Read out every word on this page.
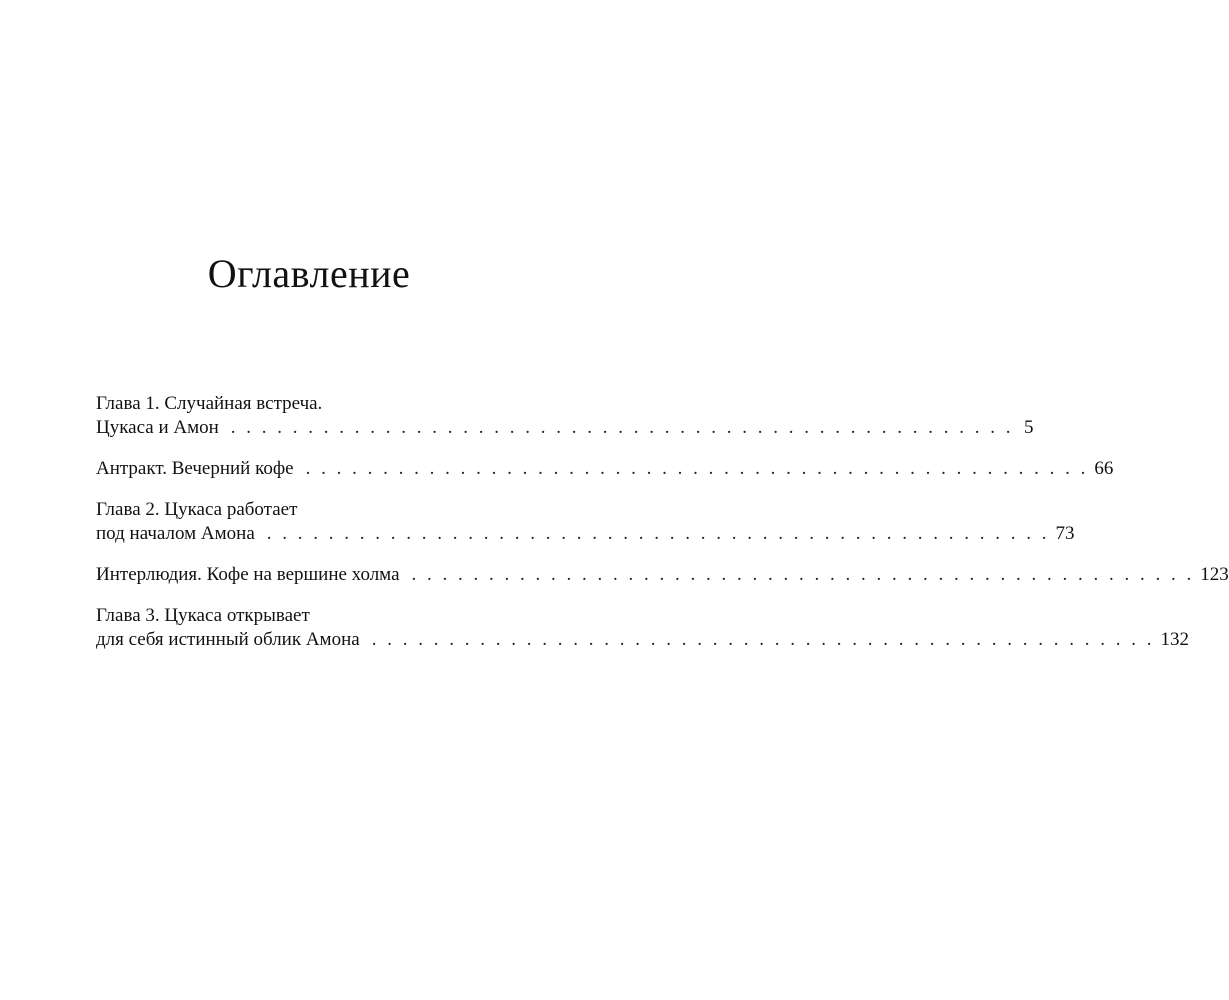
Оглавление
Глава 1. Случайная встреча.
Цукаса и Амон . . . . . . . . . . . . . . . . . . . . . . . . . . . . . . . . . . . . . . . . . . . . . . . . . . . 5
Антракт. Вечерний кофе . . . . . . . . . . . . . . . . . . . . . . . . . . . . . . . . . . . . . . . . . . . . . . . . . . . 66
Глава 2. Цукаса работает
под началом Амона . . . . . . . . . . . . . . . . . . . . . . . . . . . . . . . . . . . . . . . . . . . . . . . . . . . 73
Интерлюдия. Кофе на вершине холма . . . . . . . . . . . . . . . . . . . . . . . . . . . . . . . . . . . . . . . . . . . . . . . . . . . 123
Глава 3. Цукаса открывает
для себя истинный облик Амона . . . . . . . . . . . . . . . . . . . . . . . . . . . . . . . . . . . . . . . . . . . . . . . . . . . 132
